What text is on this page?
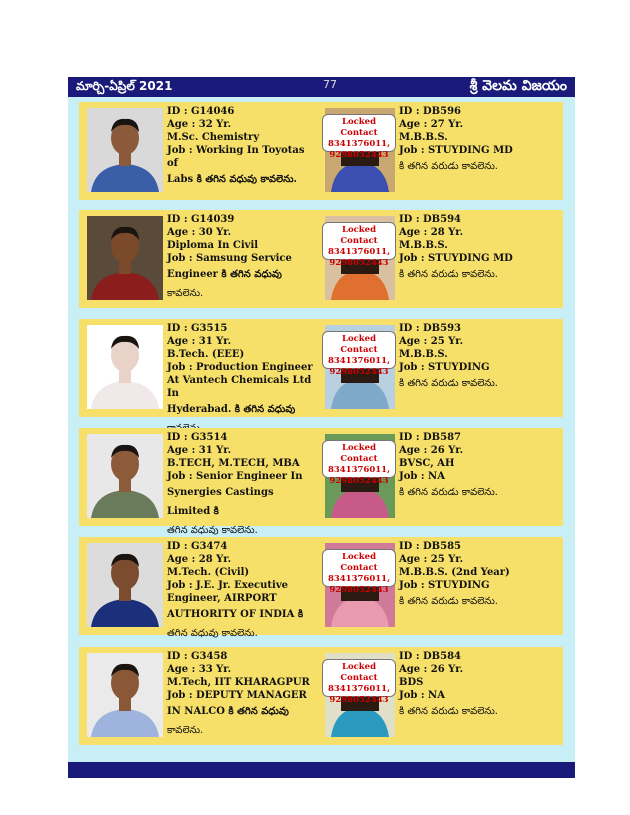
మార్చి-ఏప్రిల్ 2021	77	శ్రీ వెలమ విజయం
ID : G14046
Age : 32 Yr.
M.Sc. Chemistry
Job : Working In Toyotas of
Labs కి తగిన వధువు కావలెను.
Locked Contact
8341376011,
9298052443
ID : DB596
Age : 27 Yr.
M.B.B.S.
Job : STUYDING MD
కి తగిన వరుడు కావలెను.
ID : G14039
Age : 30 Yr.
Diploma In Civil
Job : Samsung Service
Engineer కి తగిన వధువు
కావలెను.
Locked Contact
8341376011,
9298052443
ID : DB594
Age : 28 Yr.
M.B.B.S.
Job : STUYDING MD
కి తగిన వరుడు కావలెను.
ID : G3515
Age : 31 Yr.
B.Tech. (EEE)
Job : Production Engineer At Vantech Chemicals Ltd In
Hyderabad. కి తగిన వధువు
Locked Contact
8341376011,
9298052443
ID : DB593
Age : 25 Yr.
M.B.B.S.
Job : STUYDING
కి తగిన వరుడు కావలెను.
ID : G3514
Age : 31 Yr.
B.TECH, M.TECH, MBA
Job : Senior Engineer In
Synergies Castings Limited కి
తగిన వధువు కావలెను.
Locked Contact
8341376011,
9298052443
ID : DB587
Age : 26 Yr.
BVSC, AH
Job : NA
కి తగిన వరుడు కావలెను.
ID : G3474
Age : 28 Yr.
M.Tech. (Civil)
Job : J.E. Jr. Executive Engineer, AIRPORT
AUTHORITY OF INDIA కి
తగిన వధువు కావలెను.
Locked Contact
8341376011,
9298052443
ID : DB585
Age : 25 Yr.
M.B.B.S. (2nd Year)
Job : STUYDING
కి తగిన వరుడు కావలెను.
ID : G3458
Age : 33 Yr.
M.Tech, IIT KHARAGPUR
Job : DEPUTY MANAGER
IN NALCO కి తగిన వధువు
కావలెను.
Locked Contact
8341376011,
9298052443
ID : DB584
Age : 26 Yr.
BDS
Job : NA
కి తగిన వరుడు కావలెను.
